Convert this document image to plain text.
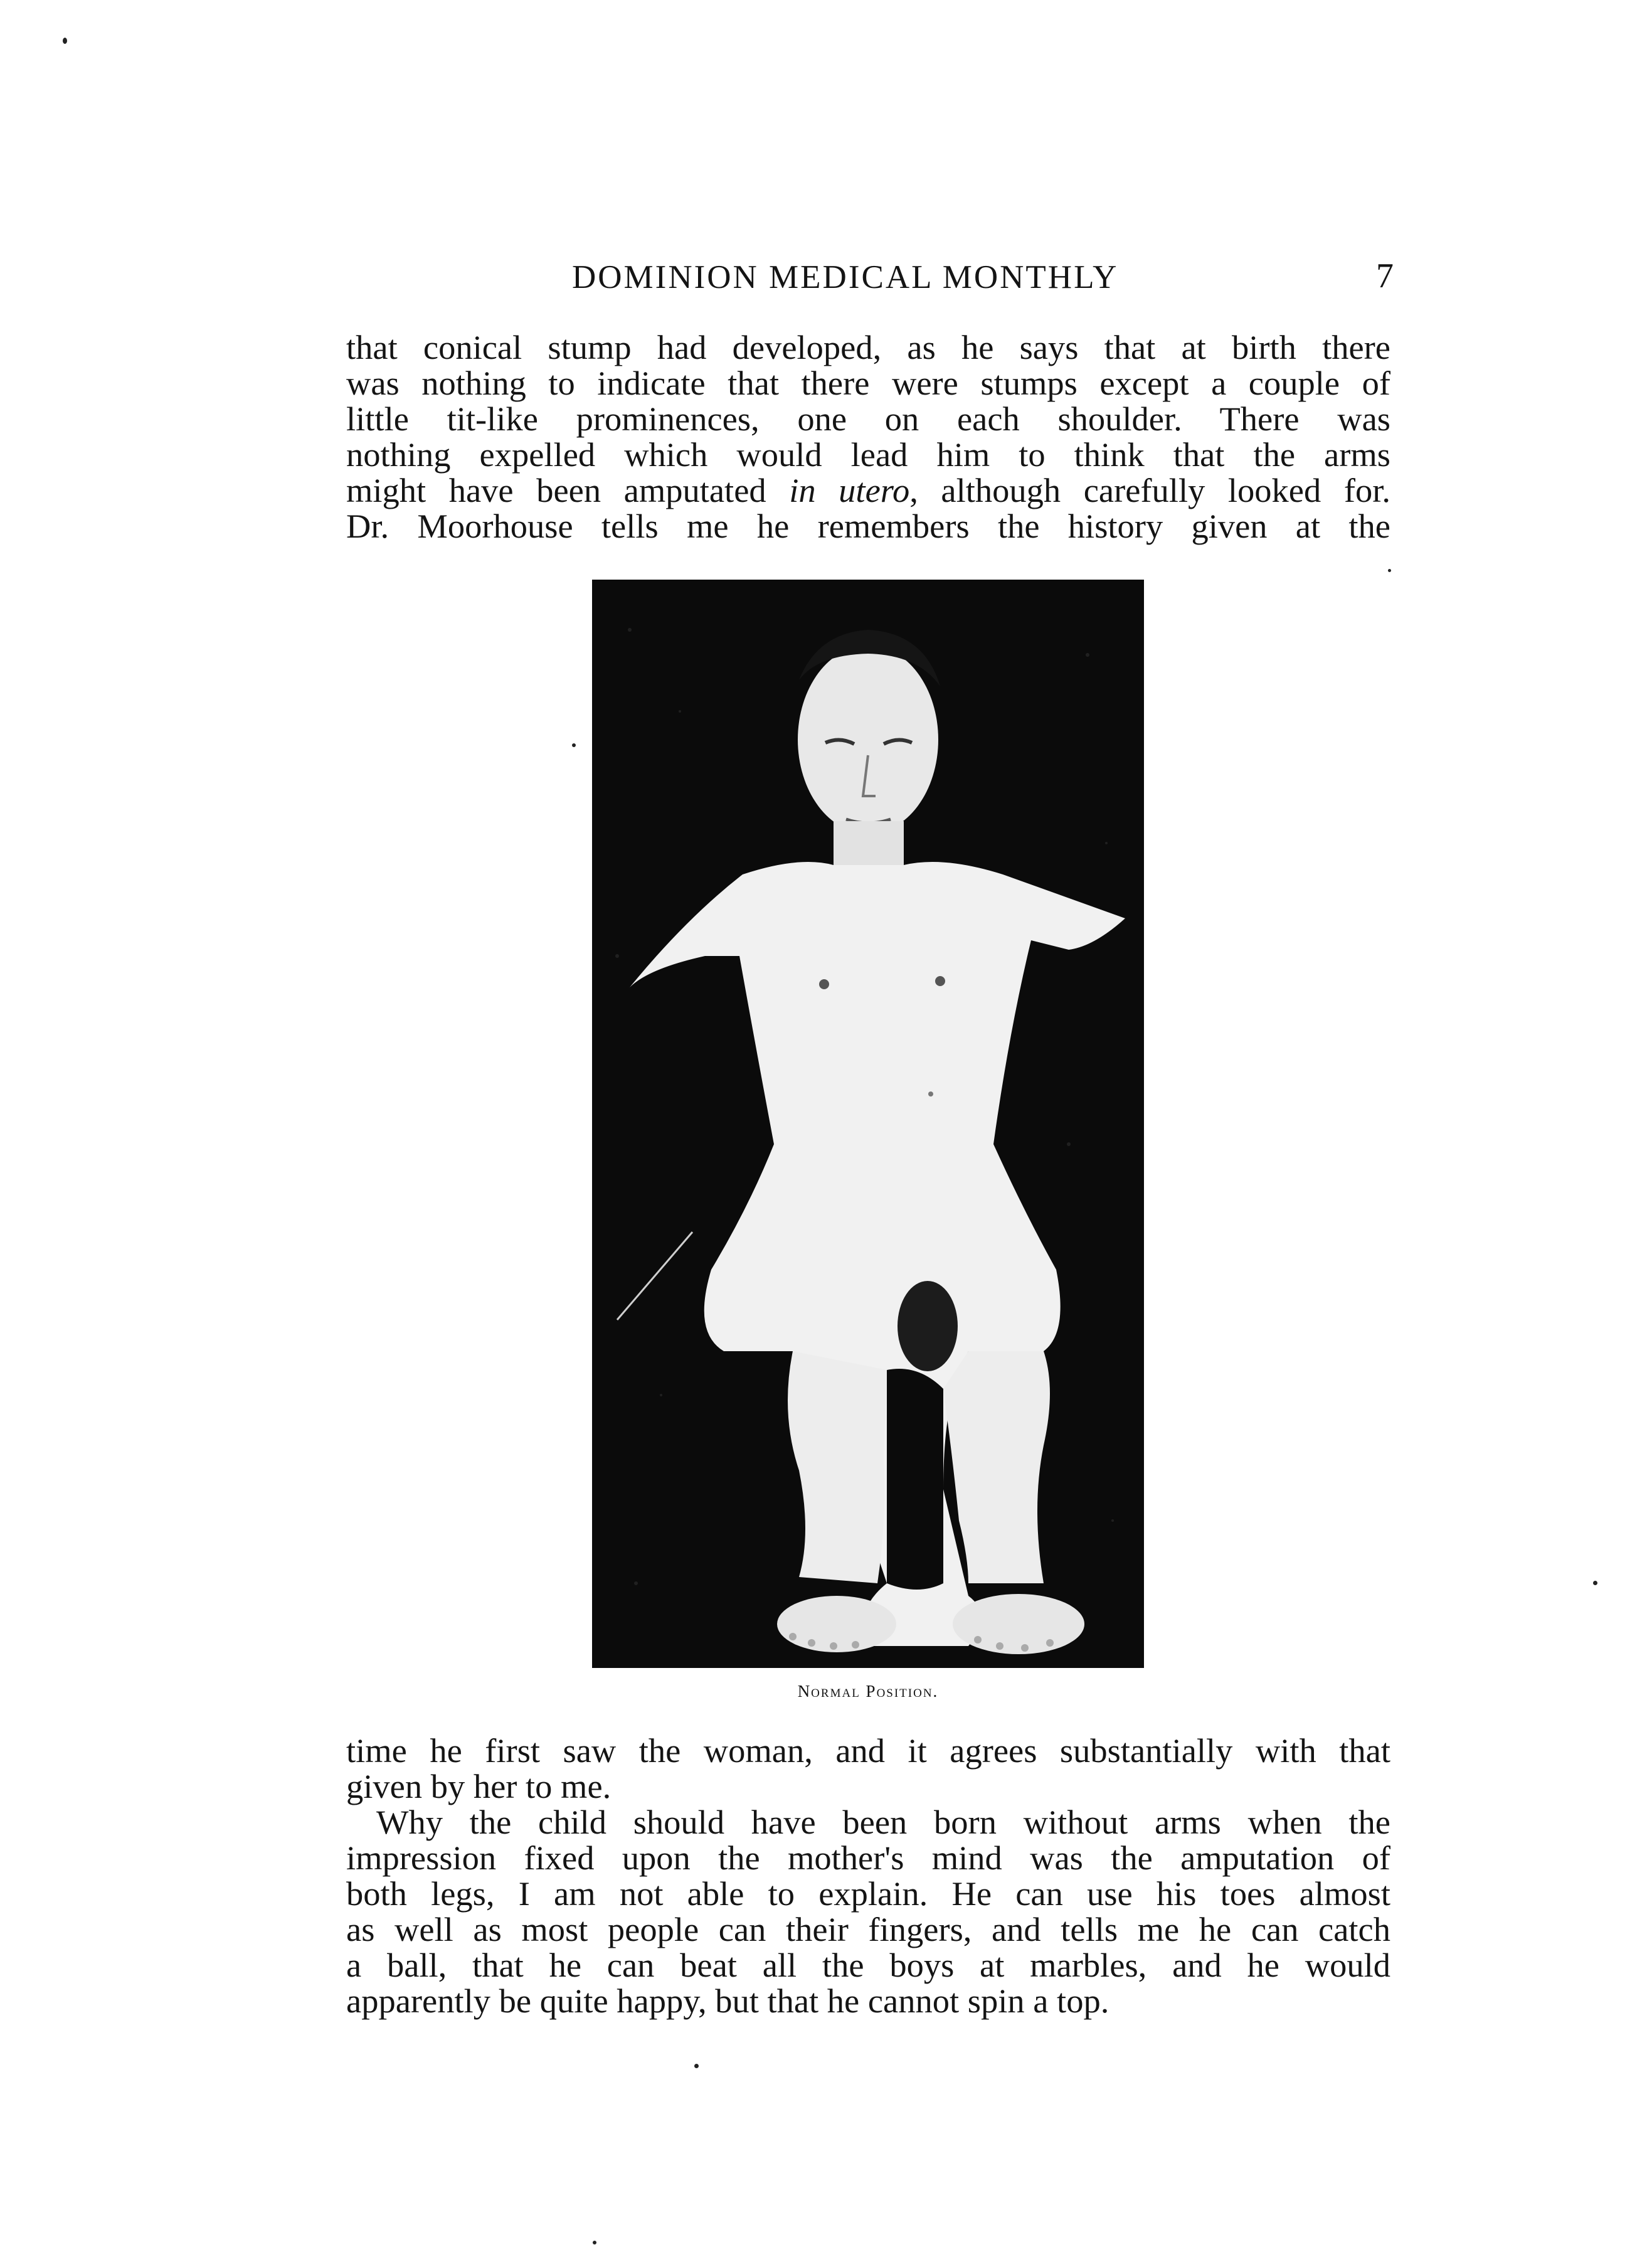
DOMINION MEDICAL MONTHLY	7
that conical stump had developed, as he says that at birth there
was nothing to indicate that there were stumps except a couple of
little tit-like prominences, one on each shoulder. There was
nothing expelled which would lead him to think that the arms
might have been amputated in utero, although carefully looked for.
Dr. Moorhouse tells me he remembers the history given at the
Normal Position.
time he first saw the woman, and it agrees substantially with that
given by her to me.
Why the child should have been born without arms when the
impression fixed upon the mother's mind was the amputation of
both legs, I am not able to explain. He can use his toes almost
as well as most people can their fingers, and tells me he can catch
a ball, that he can beat all the boys at marbles, and he would
apparently be quite happy, but that he cannot spin a top.
